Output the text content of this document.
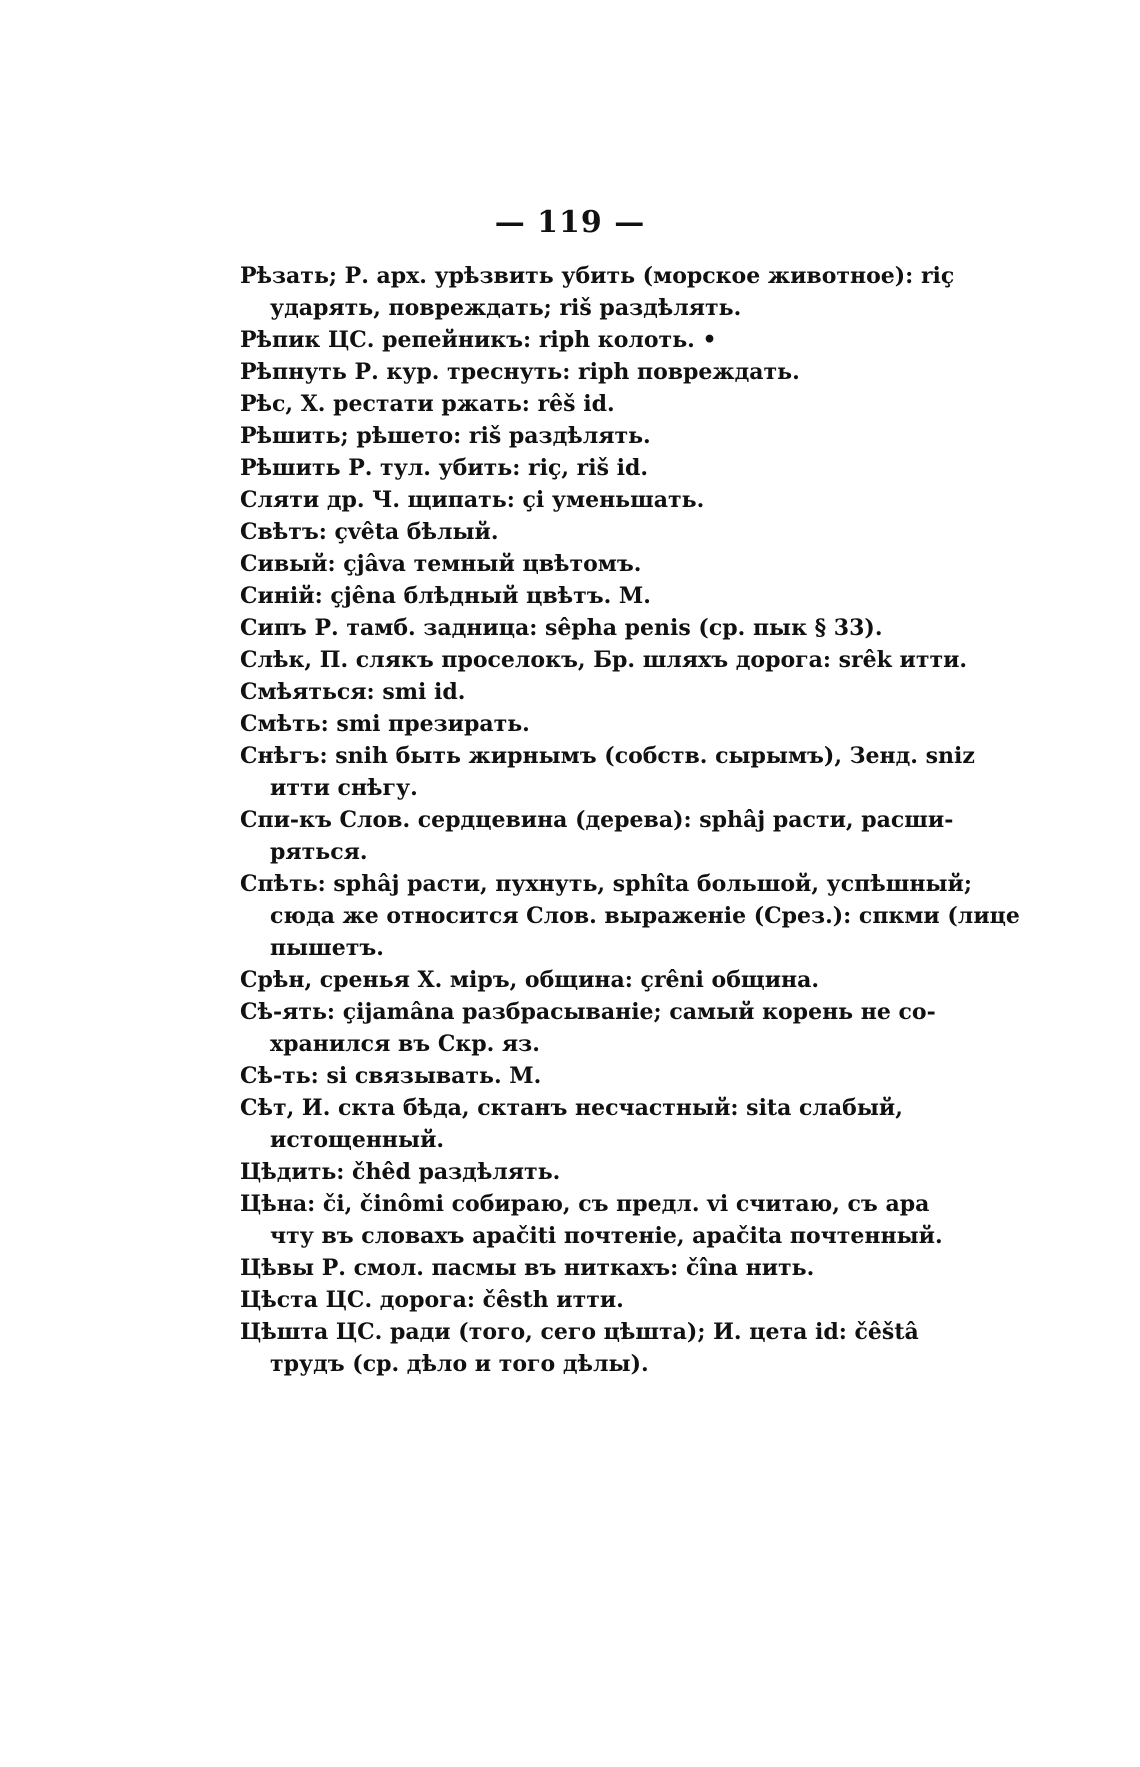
— 119 —
Рѣзать; Р. арх. урѣзвить убить (морское животное): riç
ударять, повреждать; riš раздѣлять.
Рѣпик ЦС. репейникъ: riph колоть. •
Рѣпнуть Р. кур. треснуть: riph повреждать.
Рѣс, Х. рестати ржать: rêš id.
Рѣшить; рѣшето: riš раздѣлять.
Рѣшить Р. тул. убить: riç, riš id.
Сляти др. Ч. щипать: çi уменьшать.
Свѣтъ: çvêta бѣлый.
Сивый: çjâva темный цвѣтомъ.
Синій: çjêna блѣдный цвѣтъ. М.
Сипъ Р. тамб. задница: sêpha penis (ср. пык § 33).
Слѣк, П. слякъ проселокъ, Бр. шляхъ дорога: srêk итти.
Смѣяться: smi id.
Смѣть: smi презирать.
Снѣгъ: snih быть жирнымъ (собств. сырымъ), Зенд. sniz
итти снѣгу.
Спи-къ Слов. сердцевина (дерева): sphâj расти, расши-
ряться.
Спѣть: sphâj расти, пухнуть, sphîta большой, успѣшный;
сюда же относится Слов. выраженіе (Срез.): спкми (лице
пышетъ.
Срѣн, сренья Х. міръ, община: çrêni община.
Сѣ-ять: çijamâna разбрасываніе; самый корень не со-
хранился въ Скр. яз.
Сѣ-ть: si связывать. М.
Сѣт, И. скта бѣда, сктанъ несчастный: sita слабый,
истощенный.
Цѣдить: čhêd раздѣлять.
Цѣна: či, činômi собираю, съ предл. vi считаю, съ ара
чту въ словахъ apačiti почтеніе, apačita почтенный.
Цѣвы Р. смол. пасмы въ ниткахъ: čîna нить.
Цѣста ЦС. дорога: čêsth итти.
Цѣшта ЦС. ради (того, сего цѣшта); И. цета id: čêštâ
трудъ (ср. дѣло и того дѣлы).
